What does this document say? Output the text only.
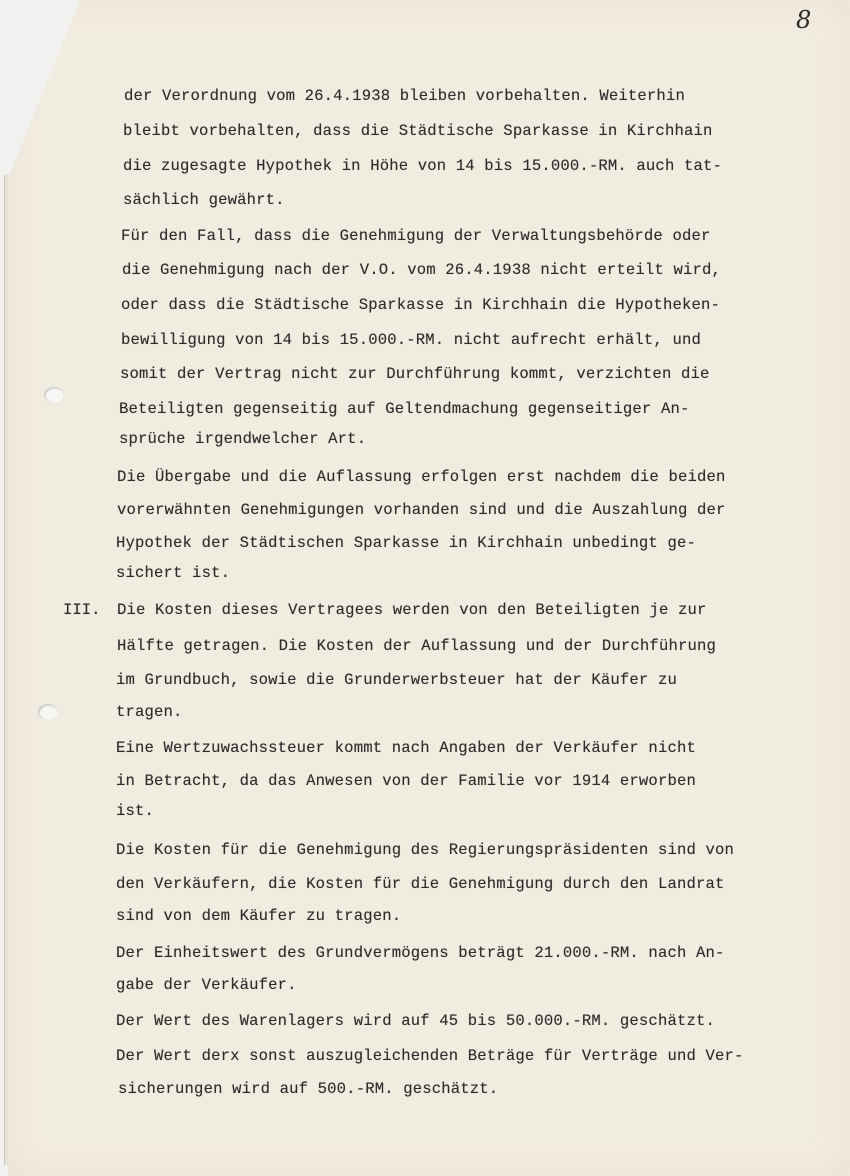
8
III.
der Verordnung vom 26.4.1938 bleiben vorbehalten. Weiterhin
bleibt vorbehalten, dass die Städtische Sparkasse in Kirchhain
die zugesagte Hypothek in Höhe von 14 bis 15.000.-RM. auch tat-
sächlich gewährt.
Für den Fall, dass die Genehmigung der Verwaltungsbehörde oder
die Genehmigung nach der V.O. vom 26.4.1938 nicht erteilt wird,
oder dass die Städtische Sparkasse in Kirchhain die Hypotheken-
bewilligung von 14 bis 15.000.-RM. nicht aufrecht erhält, und
somit der Vertrag nicht zur Durchführung kommt, verzichten die
Beteiligten gegenseitig auf Geltendmachung gegenseitiger An-
sprüche irgendwelcher Art.
Die Übergabe und die Auflassung erfolgen erst nachdem die beiden
vorerwähnten Genehmigungen vorhanden sind und die Auszahlung der
Hypothek der Städtischen Sparkasse in Kirchhain unbedingt ge-
sichert ist.
Die Kosten dieses Vertragees werden von den Beteiligten je zur
Hälfte getragen. Die Kosten der Auflassung und der Durchführung
im Grundbuch, sowie die Grunderwerbsteuer hat der Käufer zu
tragen.
Eine Wertzuwachssteuer kommt nach Angaben der Verkäufer nicht
in Betracht, da das Anwesen von der Familie vor 1914 erworben
ist.
Die Kosten für die Genehmigung des Regierungspräsidenten sind von
den Verkäufern, die Kosten für die Genehmigung durch den Landrat
sind von dem Käufer zu tragen.
Der Einheitswert des Grundvermögens beträgt 21.000.-RM. nach An-
gabe der Verkäufer.
Der Wert des Warenlagers wird auf 45 bis 50.000.-RM. geschätzt.
Der Wert derx sonst auszugleichenden Beträge für Verträge und Ver-
sicherungen wird auf 500.-RM. geschätzt.
